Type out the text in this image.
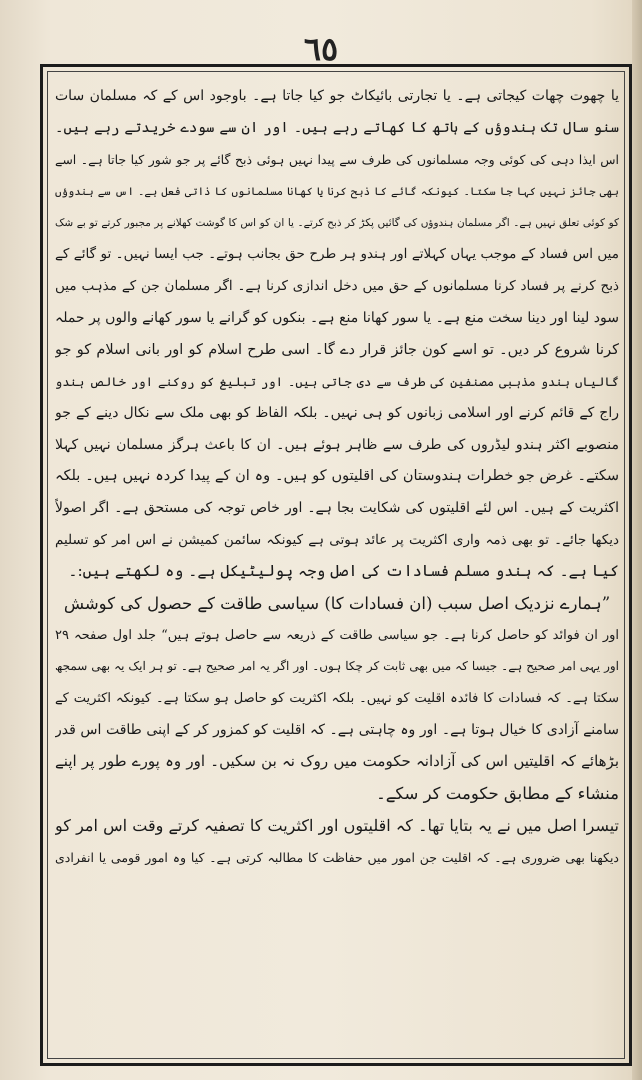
٦٥
یا چھوت چھات کیجاتی ہے۔ یا تجارتی بائیکاٹ جو کیا جاتا ہے۔ باوجود اس کے کہ مسلمان سات
سنو سال تک ہندوؤں کے ہاتھ کا کھاتے رہے ہیں۔ اور ان سے سودے خریدتے رہے ہیں۔
اس ایذا دہی کی کوئی وجہ مسلمانوں کی طرف سے پیدا نہیں ہوئی ذبح گائے پر جو شور کیا جاتا ہے۔ اسے
بھی جائز نہیں کہا جا سکتا۔ کیونکہ گائے کا ذبح کرنا یا کھانا مسلمانوں کا ذاتی فعل ہے۔ اس سے ہندوؤں
کو کوئی تعلق نہیں ہے۔ اگر مسلمان ہندوؤں کی گائیں پکڑ کر ذبح کرتے۔ یا ان کو اس کا گوشت کھلانے پر مجبور کرتے تو بے شک
میں اس فساد کے موجب یہاں کہلاتے اور ہندو ہر طرح حق بجانب ہوتے۔ جب ایسا نہیں۔ تو گائے کے
ذبح کرنے پر فساد کرنا مسلمانوں کے حق میں دخل اندازی کرنا ہے۔ اگر مسلمان جن کے مذہب میں
سود لینا اور دینا سخت منع ہے۔ یا سور کھانا منع ہے۔ بنکوں کو گرانے یا سور کھانے والوں پر حملہ
کرنا شروع کر دیں۔ تو اسے کون جائز قرار دے گا۔ اسی طرح اسلام کو اور بانی اسلام کو جو
گالیاں ہندو مذہبی مصنفین کی طرف سے دی جاتی ہیں۔ اور تبلیغ کو روکنے اور خالص ہندو
راج کے قائم کرنے اور اسلامی زبانوں کو ہی نہیں۔ بلکہ الفاظ کو بھی ملک سے نکال دینے کے جو
منصوبے اکثر ہندو لیڈروں کی طرف سے ظاہر ہوئے ہیں۔ ان کا باعث ہرگز مسلمان نہیں کہلا
سکتے۔ غرض جو خطرات ہندوستان کی اقلیتوں کو ہیں۔ وہ ان کے پیدا کردہ نہیں ہیں۔ بلکہ
اکثریت کے ہیں۔ اس لئے اقلیتوں کی شکایت بجا ہے۔ اور خاص توجہ کی مستحق ہے۔ اگر اصولاً
دیکھا جائے۔ تو بھی ذمہ واری اکثریت پر عائد ہوتی ہے کیونکہ سائمن کمیشن نے اس امر کو تسلیم
کیا ہے۔ کہ ہندو مسلم فسادات کی اصل وجہ پولیٹیکل ہے۔ وہ لکھتے ہیں:۔
”ہمارے نزدیک اصل سبب (ان فسادات کا) سیاسی طاقت کے حصول کی کوشش
اور ان فوائد کو حاصل کرنا ہے۔ جو سیاسی طاقت کے ذریعہ سے حاصل ہوتے ہیں“ جلد اول صفحہ ۲۹
اور یہی امر صحیح ہے۔ جیسا کہ میں بھی ثابت کر چکا ہوں۔ اور اگر یہ امر صحیح ہے۔ تو ہر ایک یہ بھی سمجھ
سکتا ہے۔ کہ فسادات کا فائدہ اقلیت کو نہیں۔ بلکہ اکثریت کو حاصل ہو سکتا ہے۔ کیونکہ اکثریت کے
سامنے آزادی کا خیال ہوتا ہے۔ اور وہ چاہتی ہے۔ کہ اقلیت کو کمزور کر کے اپنی طاقت اس قدر
بڑھائے کہ اقلیتیں اس کی آزادانہ حکومت میں روک نہ بن سکیں۔ اور وہ پورے طور پر اپنے
منشاء کے مطابق حکومت کر سکے۔
تیسرا اصل میں نے یہ بتایا تھا۔ کہ اقلیتوں اور اکثریت کا تصفیہ کرتے وقت اس امر کو
دیکھنا بھی ضروری ہے۔ کہ اقلیت جن امور میں حفاظت کا مطالبہ کرتی ہے۔ کیا وہ امور قومی یا انفرادی
